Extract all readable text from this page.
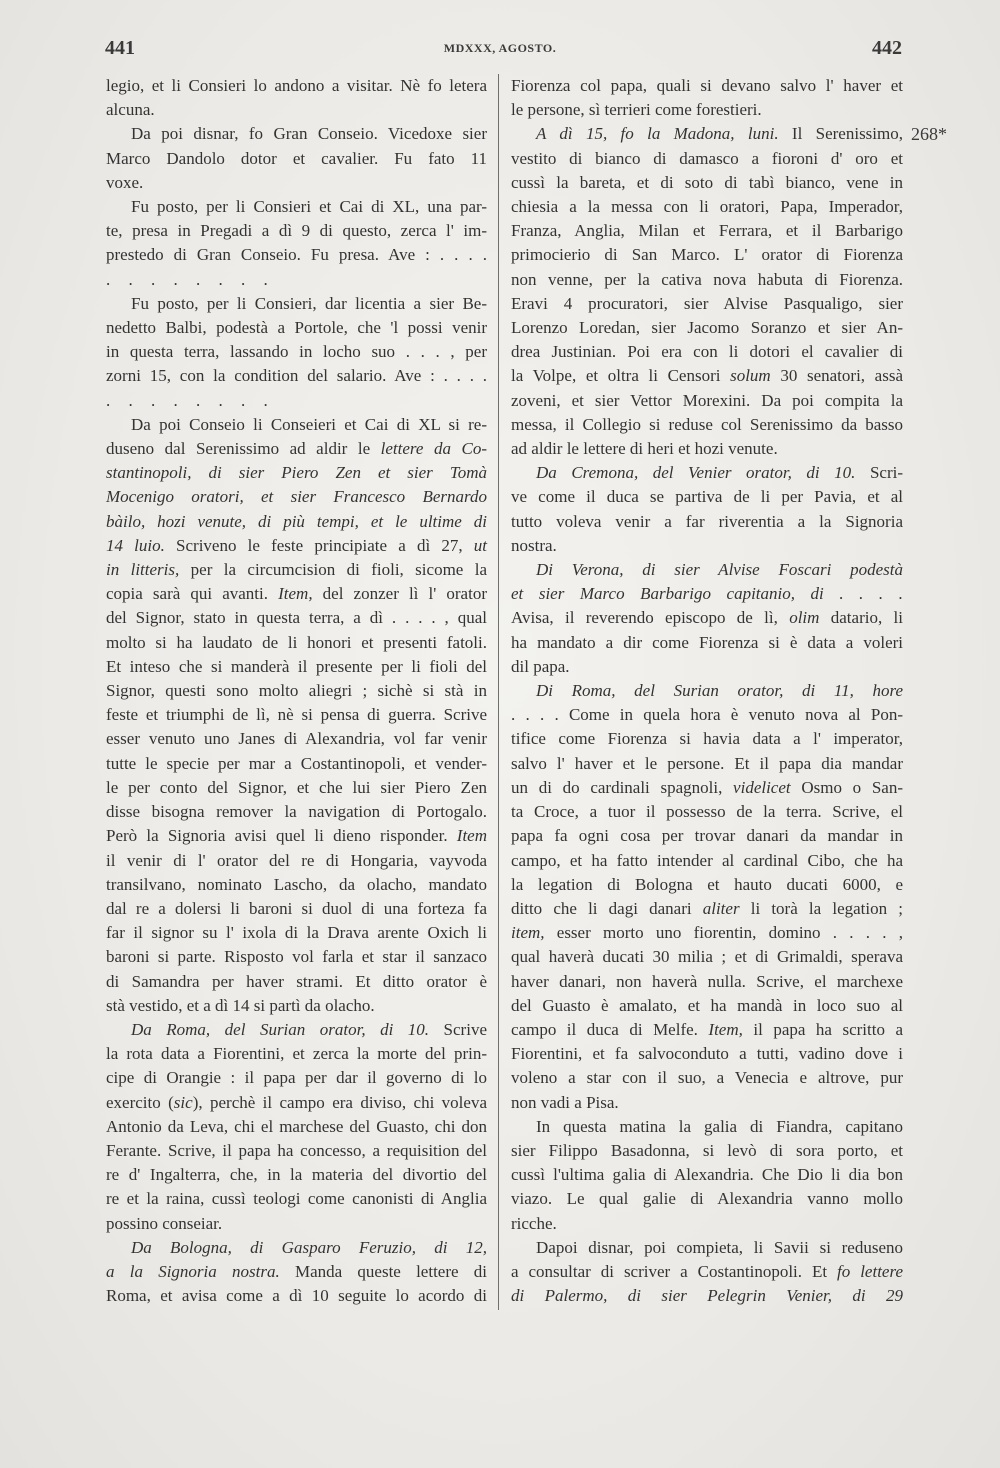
441	MDXXX, AGOSTO.	442
legio, et li Consieri lo andono a visitar. Nè fo letera
alcuna.
Da poi disnar, fo Gran Conseio. Vicedoxe sier
Marco Dandolo dotor et cavalier. Fu fato 11
voxe.
Fu posto, per li Consieri et Cai di XL, una par-
te, presa in Pregadi a dì 9 di questo, zerca l' im-
prestedo di Gran Conseio. Fu presa. Ave : . . . .
. . . . . . . .
Fu posto, per li Consieri, dar licentia a sier Be-
nedetto Balbi, podestà a Portole, che 'l possi venir
in questa terra, lassando in locho suo . . . , per
zorni 15, con la condition del salario. Ave : . . . .
. . . . . . . .
Da poi Conseio li Conseieri et Cai di XL si re-
duseno dal Serenissimo ad aldir le lettere da Co-
stantinopoli, di sier Piero Zen et sier Tomà
Mocenigo oratori, et sier Francesco Bernardo
bàilo, hozi venute, di più tempi, et le ultime di
14 luio. Scriveno le feste principiate a dì 27, ut
in litteris, per la circumcision di fioli, sicome la
copia sarà qui avanti. Item, del zonzer lì l' orator
del Signor, stato in questa terra, a dì . . . . , qual
molto si ha laudato de li honori et presenti fatoli.
Et inteso che si manderà il presente per li fioli del
Signor, questi sono molto aliegri ; sichè si stà in
feste et triumphi de lì, nè si pensa di guerra. Scrive
esser venuto uno Janes di Alexandria, vol far venir
tutte le specie per mar a Costantinopoli, et vender-
le per conto del Signor, et che lui sier Piero Zen
disse bisogna remover la navigation di Portogalo.
Però la Signoria avisi quel li dieno risponder. Item
il venir di l' orator del re di Hongaria, vayvoda
transilvano, nominato Lascho, da olacho, mandato
dal re a dolersi li baroni si duol di una forteza fa
far il signor su l' ixola di la Drava arente Oxich li
baroni si parte. Risposto vol farla et star il sanzaco
di Samandra per haver strami. Et ditto orator è
stà vestido, et a dì 14 si partì da olacho.
Da Roma, del Surian orator, di 10. Scrive
la rota data a Fiorentini, et zerca la morte del prin-
cipe di Orangie : il papa per dar il governo di lo
exercito (sic), perchè il campo era diviso, chi voleva
Antonio da Leva, chi el marchese del Guasto, chi don
Ferante. Scrive, il papa ha concesso, a requisition del
re d' Ingalterra, che, in la materia del divortio del
re et la raina, cussì teologi come canonisti di Anglia
possino conseiar.
Da Bologna, di Gasparo Feruzio, di 12,
a la Signoria nostra. Manda queste lettere di
Roma, et avisa come a dì 10 seguite lo acordo di
Fiorenza col papa, quali si devano salvo l' haver et
le persone, sì terrieri come forestieri.
A dì 15, fo la Madona, luni. Il Serenissimo,
vestito di bianco di damasco a fioroni d' oro et
cussì la bareta, et di soto di tabì bianco, vene in
chiesia a la messa con li oratori, Papa, Imperador,
Franza, Anglia, Milan et Ferrara, et il Barbarigo
primocierio di San Marco. L' orator di Fiorenza
non venne, per la cativa nova habuta di Fiorenza.
Eravi 4 procuratori, sier Alvise Pasqualigo, sier
Lorenzo Loredan, sier Jacomo Soranzo et sier An-
drea Justinian. Poi era con li dotori el cavalier di
la Volpe, et oltra li Censori solum 30 senatori, assà
zoveni, et sier Vettor Morexini. Da poi compita la
messa, il Collegio si reduse col Serenissimo da basso
ad aldir le lettere di heri et hozi venute.
Da Cremona, del Venier orator, di 10. Scri-
ve come il duca se partiva de li per Pavia, et al
tutto voleva venir a far riverentia a la Signoria
nostra.
Di Verona, di sier Alvise Foscari podestà
et sier Marco Barbarigo capitanio, di . . . .
Avisa, il reverendo episcopo de lì, olim datario, li
ha mandato a dir come Fiorenza si è data a voleri
dil papa.
Di Roma, del Surian orator, di 11, hore
. . . . Come in quela hora è venuto nova al Pon-
tifice come Fiorenza si havia data a l' imperator,
salvo l' haver et le persone. Et il papa dia mandar
un di do cardinali spagnoli, videlicet Osmo o San-
ta Croce, a tuor il possesso de la terra. Scrive, el
papa fa ogni cosa per trovar danari da mandar in
campo, et ha fatto intender al cardinal Cibo, che ha
la legation di Bologna et hauto ducati 6000, e
ditto che li dagi danari aliter li torà la legation ;
item, esser morto uno fiorentin, domino . . . . ,
qual haverà ducati 30 milia ; et di Grimaldi, sperava
haver danari, non haverà nulla. Scrive, el marchexe
del Guasto è amalato, et ha mandà in loco suo al
campo il duca di Melfe. Item, il papa ha scritto a
Fiorentini, et fa salvoconduto a tutti, vadino dove i
voleno a star con il suo, a Venecia e altrove, pur
non vadi a Pisa.
In questa matina la galia di Fiandra, capitano
sier Filippo Basadonna, si levò di sora porto, et
cussì l'ultima galia di Alexandria. Che Dio li dia bon
viazo. Le qual galie di Alexandria vanno mollo
ricche.
Dapoi disnar, poi compieta, li Savii si reduseno
a consultar di scriver a Costantinopoli. Et fo lettere
di Palermo, di sier Pelegrin Venier, di 29
268*
